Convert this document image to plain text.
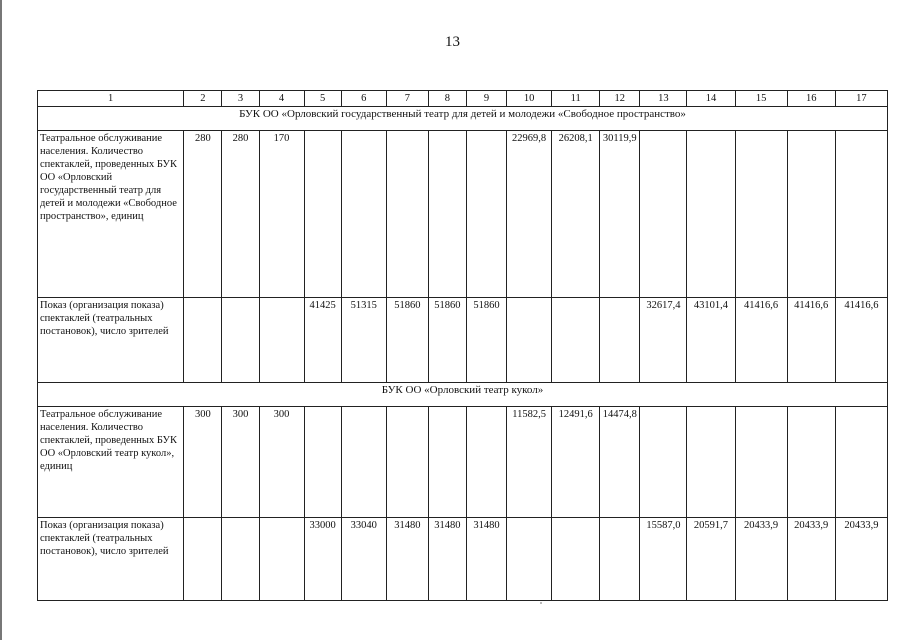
13
1	2	3	4	5	6	7	8	9	10	11	12	13	14	15	16	17
БУК ОО «Орловский государственный театр для детей и молодежи «Свободное пространство»																
Театральное обслуживание населения. Количество спектаклей, проведенных БУК ОО «Орловский государственный театр для детей и молодежи «Свободное пространство», единиц	280	280	170						22969,8	26208,1	30119,9					
Показ (организация показа) спектаклей (театральных постановок), число зрителей				41425	51315	51860	51860	51860				32617,4	43101,4	41416,6	41416,6	41416,6
БУК ОО «Орловский театр кукол»																
Театральное обслуживание населения. Количество спектаклей, проведенных БУК ОО «Орловский театр кукол», единиц	300	300	300						11582,5	12491,6	14474,8					
Показ (организация показа) спектаклей (театральных постановок), число зрителей				33000	33040	31480	31480	31480				15587,0	20591,7	20433,9	20433,9	20433,9
